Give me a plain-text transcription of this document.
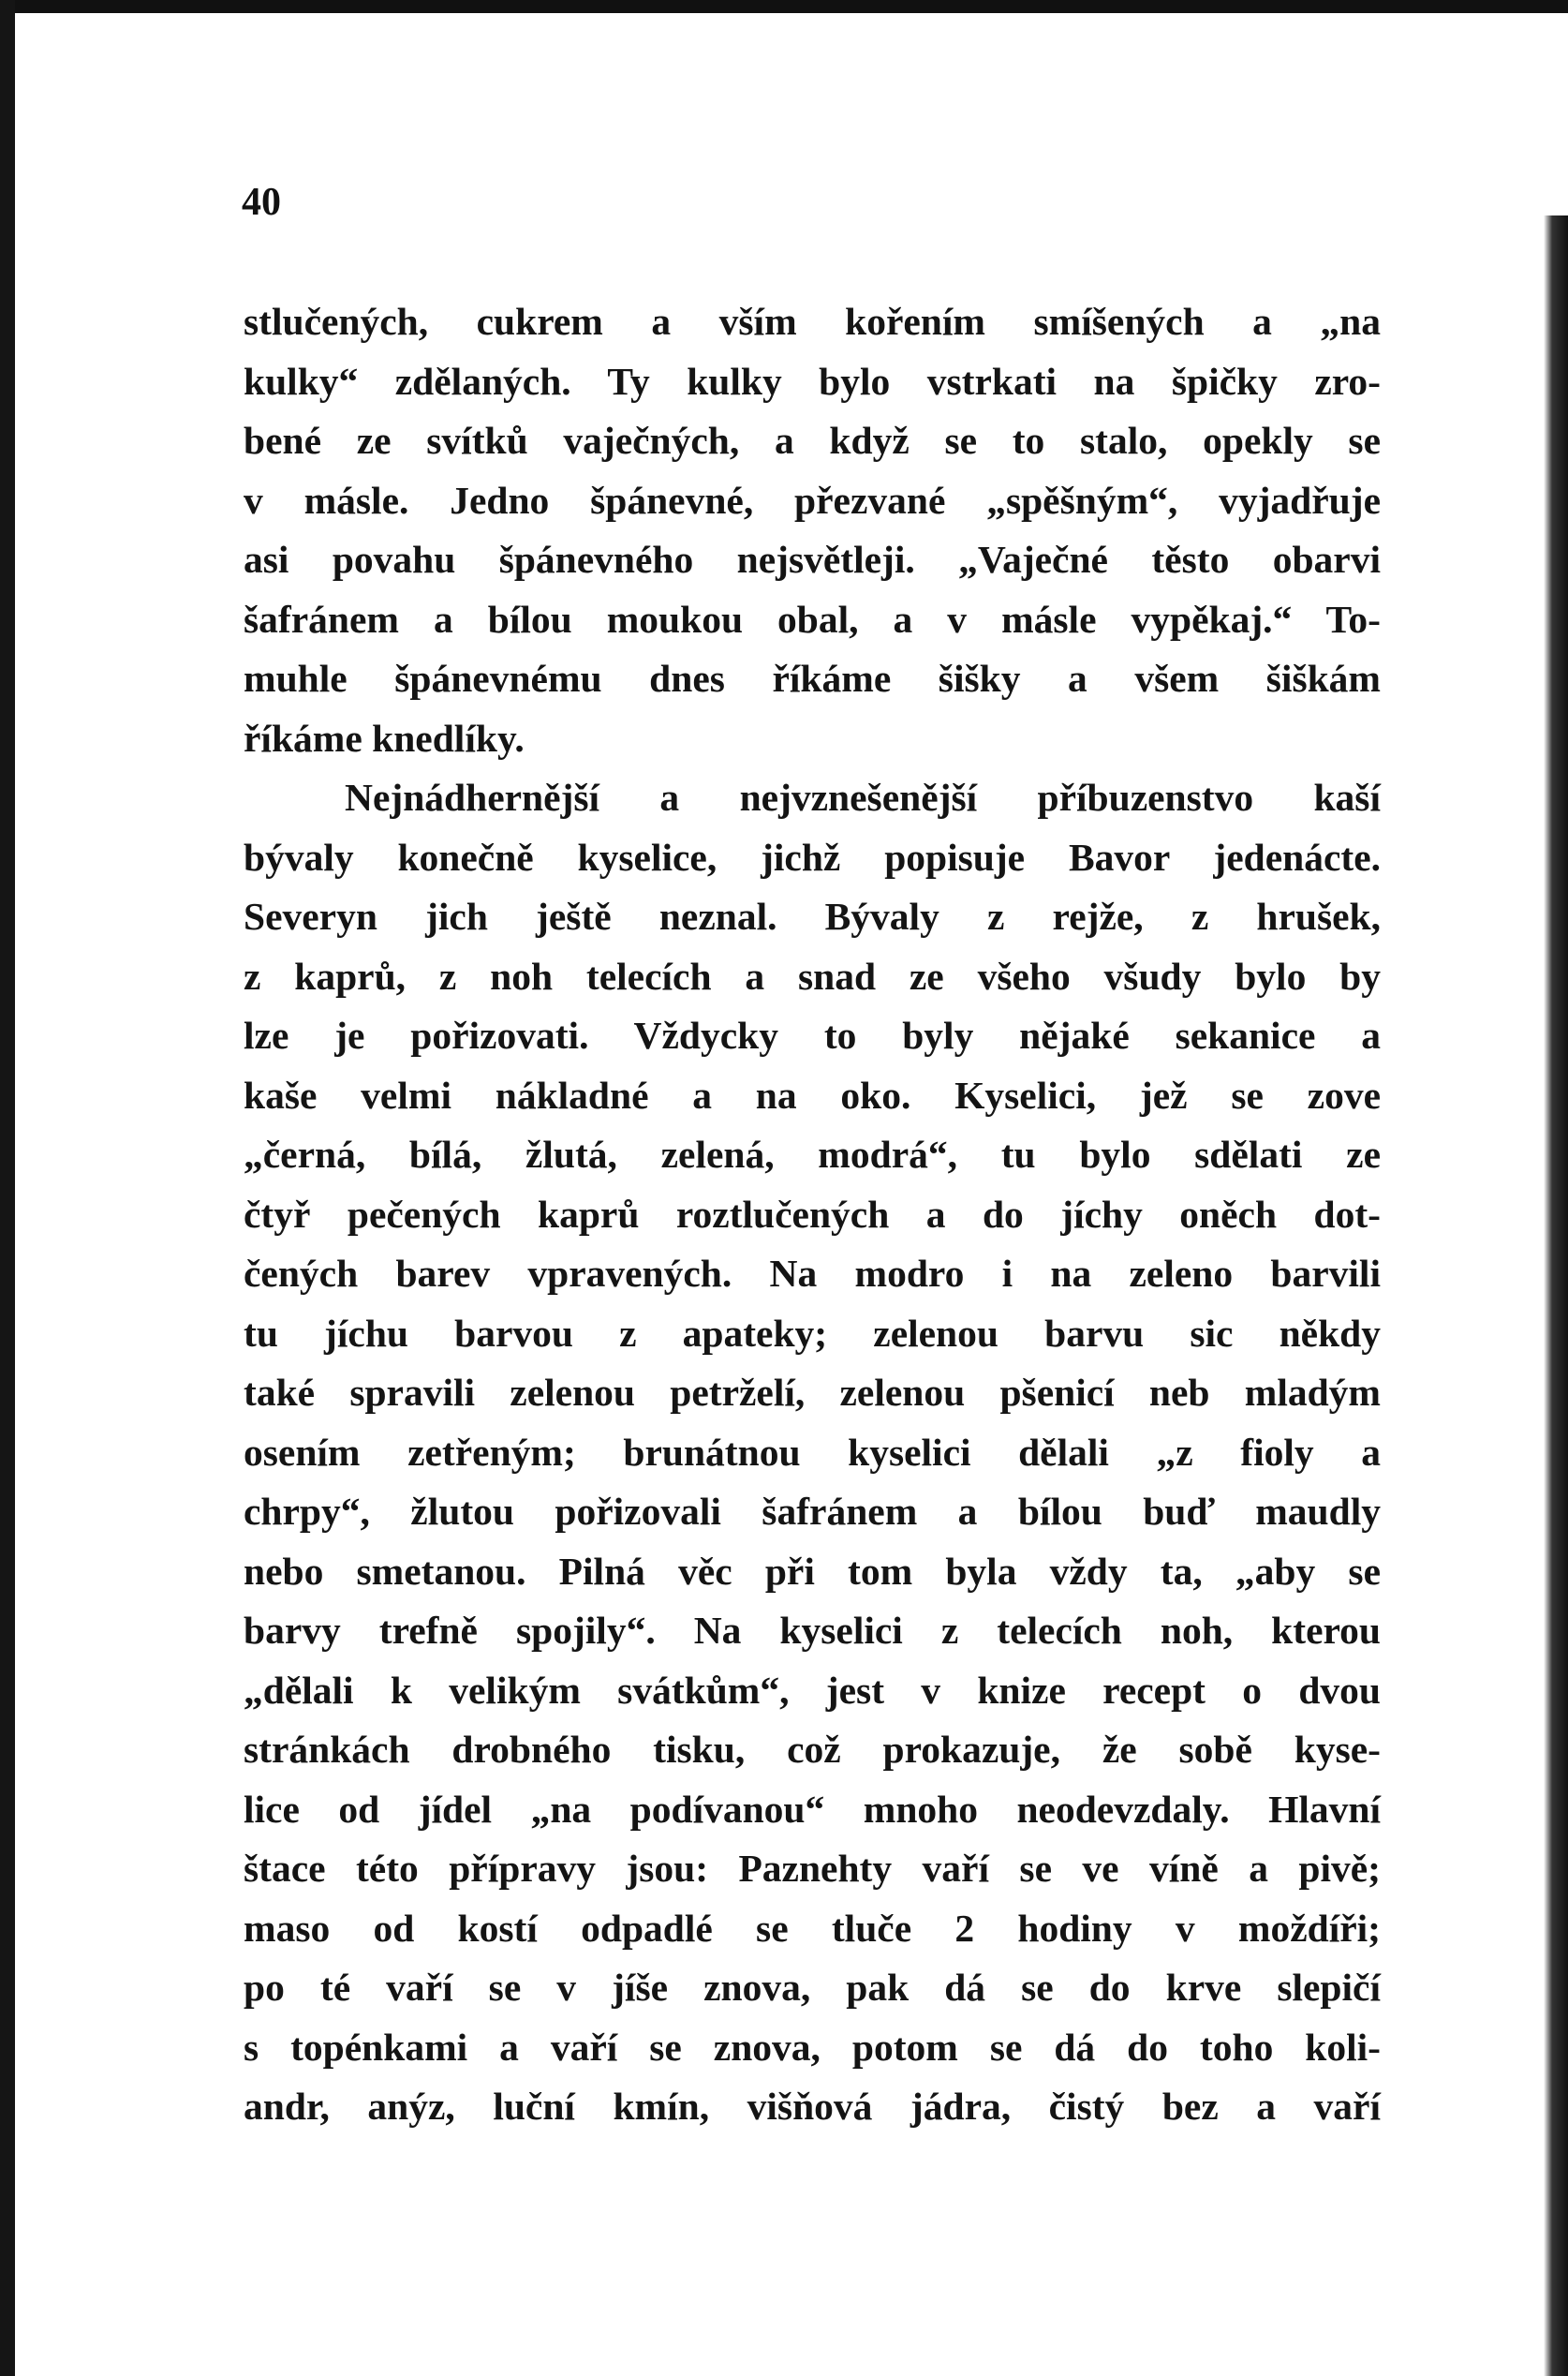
40
stlučených, cukrem a vším kořením smíšených a „na
kulky“ zdělaných. Ty kulky bylo vstrkati na špičky zro-
bené ze svítků vaječných, a když se to stalo, opekly se
v másle. Jedno špánevné, přezvané „spěšným“, vyjadřuje
asi povahu špánevného nejsvětleji. „Vaječné těsto obarvi
šafránem a bílou moukou obal, a v másle vypěkaj.“ To-
muhle špánevnému dnes říkáme šišky a všem šiškám
říkáme knedlíky.
Nejnádhernější a nejvznešenější příbuzenstvo kaší
bývaly konečně kyselice, jichž popisuje Bavor jedenácte.
Severyn jich ještě neznal. Bývaly z rejže, z hrušek,
z kaprů, z noh telecích a snad ze všeho všudy bylo by
lze je pořizovati. Vždycky to byly nějaké sekanice a
kaše velmi nákladné a na oko. Kyselici, jež se zove
„černá, bílá, žlutá, zelená, modrá“, tu bylo sdělati ze
čtyř pečených kaprů roztlučených a do jíchy oněch dot-
čených barev vpravených. Na modro i na zeleno barvili
tu jíchu barvou z apateky; zelenou barvu sic někdy
také spravili zelenou petrželí, zelenou pšenicí neb mladým
osením zetřeným; brunátnou kyselici dělali „z fioly a
chrpy“, žlutou pořizovali šafránem a bílou buď maudly
nebo smetanou. Pilná věc při tom byla vždy ta, „aby se
barvy trefně spojily“. Na kyselici z telecích noh, kterou
„dělali k velikým svátkům“, jest v knize recept o dvou
stránkách drobného tisku, což prokazuje, že sobě kyse-
lice od jídel „na podívanou“ mnoho neodevzdaly. Hlavní
štace této přípravy jsou: Paznehty vaří se ve víně a pivě;
maso od kostí odpadlé se tluče 2 hodiny v moždíři;
po té vaří se v jíše znova, pak dá se do krve slepičí
s topénkami a vaří se znova, potom se dá do toho koli-
andr, anýz, luční kmín, višňová jádra, čistý bez a vaří
